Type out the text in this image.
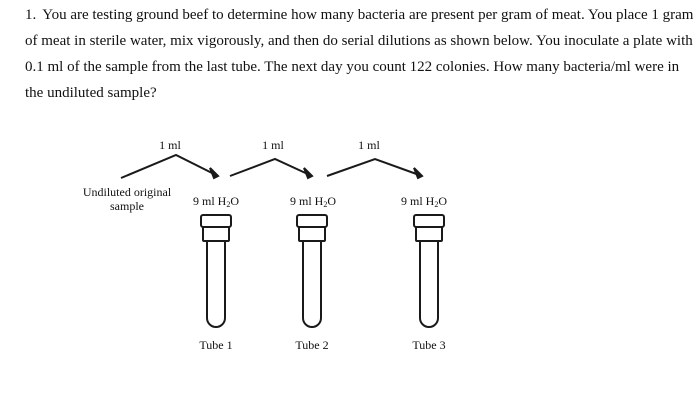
1. You are testing ground beef to determine how many bacteria are present per gram of meat. You place 1 gram of meat in sterile water, mix vigorously, and then do serial dilutions as shown below. You inoculate a plate with 0.1 ml of the sample from the last tube. The next day you count 122 colonies. How many bacteria/ml were in the undiluted sample?

1 ml	1 ml	1 ml
Undiluted original
sample	9 ml $H_2O$	9 ml $H_2O$	9 ml $H_2O$
Tube 1	Tube 2	Tube 3
